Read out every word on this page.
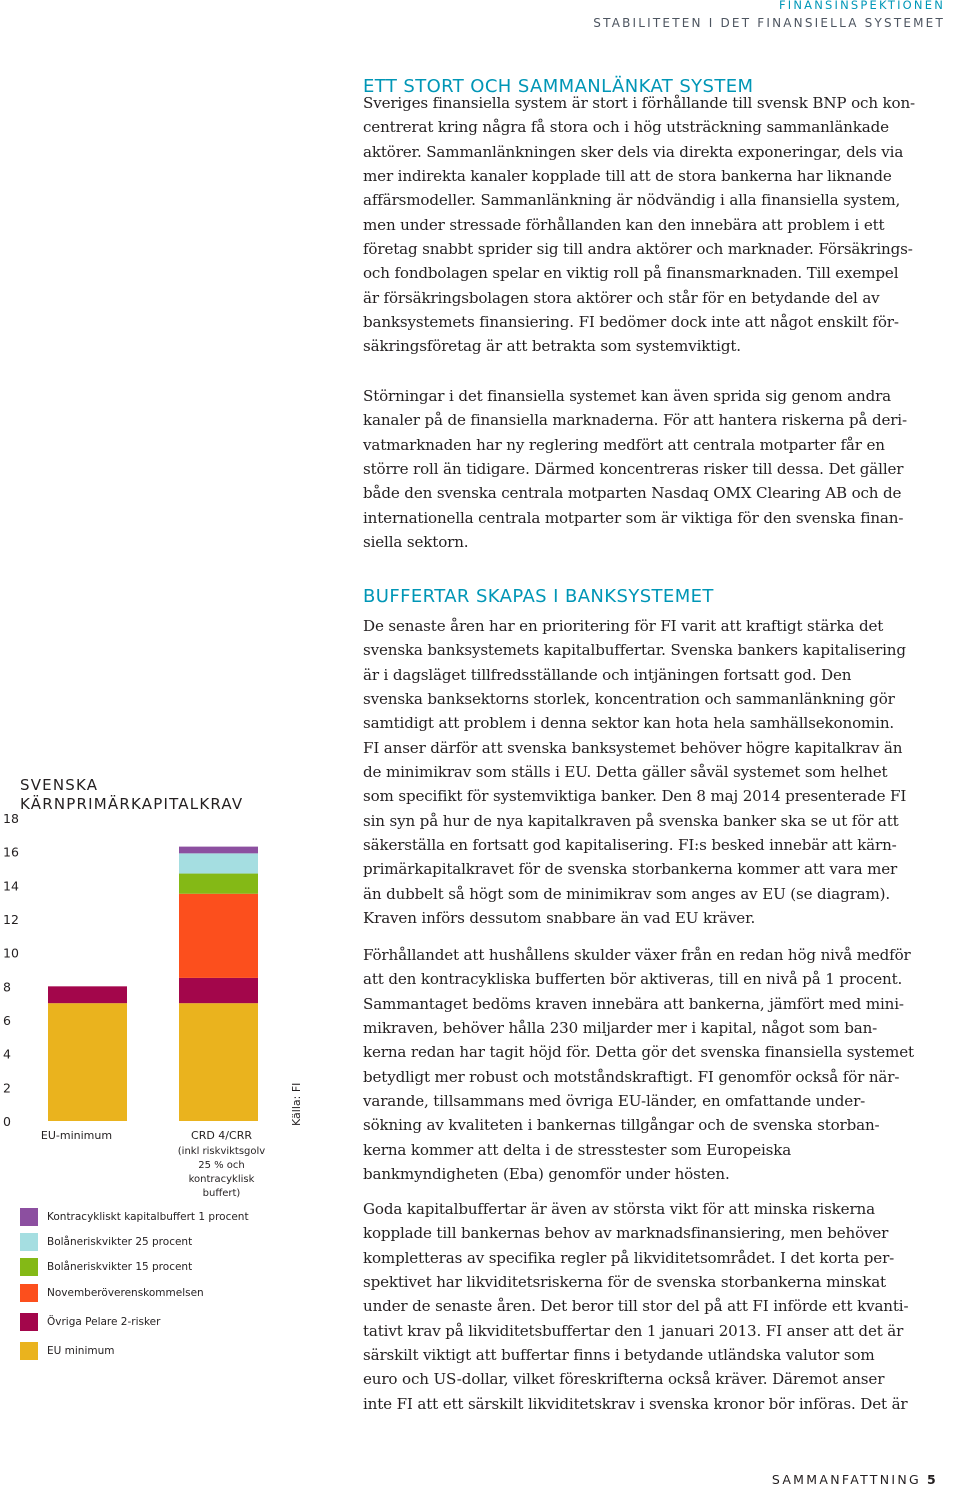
FINANSINSPEKTIONEN
STABILITETEN I DET FINANSIELLA SYSTEMET
ETT STORT OCH SAMMANLÄNKAT SYSTEM

Sveriges finansiella system är stort i förhållande till svensk BNP och kon-
centrerat kring några få stora och i hög utsträckning sammanlänkade
aktörer. Sammanlänkningen sker dels via direkta exponeringar, dels via
mer indirekta kanaler kopplade till att de stora bankerna har liknande
affärsmodeller. Sammanlänkning är nödvändig i alla finansiella system,
men under stressade förhållanden kan den innebära att problem i ett
företag snabbt sprider sig till andra aktörer och marknader. Försäkrings-
och fondbolagen spelar en viktig roll på finansmarknaden. Till exempel
är försäkringsbolagen stora aktörer och står för en betydande del av
banksystemets finansiering. FI bedömer dock inte att något enskilt för-
säkringsföretag är att betrakta som systemviktigt.

Störningar i det finansiella systemet kan även sprida sig genom andra
kanaler på de finansiella marknaderna. För att hantera riskerna på deri-
vatmarknaden har ny reglering medfört att centrala motparter får en
större roll än tidigare. Därmed koncentreras risker till dessa. Det gäller
både den svenska centrala motparten Nasdaq OMX Clearing AB och de
internationella centrala motparter som är viktiga för den svenska finan-
siella sektorn.

BUFFERTAR SKAPAS I BANKSYSTEMET

De senaste åren har en prioritering för FI varit att kraftigt stärka det
svenska banksystemets kapitalbuffertar. Svenska bankers kapitalisering
är i dagsläget tillfredsställande och intjäningen fortsatt god. Den
svenska banksektorns storlek, koncentration och sammanlänkning gör
samtidigt att problem i denna sektor kan hota hela samhällsekonomin.
FI anser därför att svenska banksystemet behöver högre kapitalkrav än
de minimikrav som ställs i EU. Detta gäller såväl systemet som helhet
som specifikt för systemviktiga banker. Den 8 maj 2014 presenterade FI
sin syn på hur de nya kapitalkraven på svenska banker ska se ut för att
säkerställa en fortsatt god kapitalisering. FI:s besked innebär att kärn-
primärkapitalkravet för de svenska storbankerna kommer att vara mer
än dubbelt så högt som de minimikrav som anges av EU (se diagram).
Kraven införs dessutom snabbare än vad EU kräver.

Förhållandet att hushållens skulder växer från en redan hög nivå medför
att den kontracykliska bufferten bör aktiveras, till en nivå på 1 procent.
Sammantaget bedöms kraven innebära att bankerna, jämfört med mini-
mikraven, behöver hålla 230 miljarder mer i kapital, något som ban-
kerna redan har tagit höjd för. Detta gör det svenska finansiella systemet
betydligt mer robust och motståndskraftigt. FI genomför också för när-
varande, tillsammans med övriga EU-länder, en omfattande under-
sökning av kvaliteten i bankernas tillgångar och de svenska storban-
kerna kommer att delta i de stresstester som Europeiska
bankmyndigheten (Eba) genomför under hösten.

Goda kapitalbuffertar är även av största vikt för att minska riskerna
kopplade till bankernas behov av marknadsfinansiering, men behöver
kompletteras av specifika regler på likviditetsområdet. I det korta per-
spektivet har likviditetsriskerna för de svenska storbankerna minskat
under de senaste åren. Det beror till stor del på att FI införde ett kvanti-
tativt krav på likviditetsbuffertar den 1 januari 2013. FI anser att det är
särskilt viktigt att buffertar finns i betydande utländska valutor som
euro och US-dollar, vilket föreskrifterna också kräver. Däremot anser
inte FI att ett särskilt likviditetskrav i svenska kronor bör införas. Det är

SVENSKA
KÄRNPRIMÄRKAPITALKRAV
0
2
4
6
8
10
12
14
16
18
EU-minimum	CRD 4/CRR
(inkl riskviktsgolv
25 % och
kontracyklisk
buffert)
Källa: FI
Kontracykliskt kapitalbuffert 1 procent
Bolåneriskvikter 25 procent
Bolåneriskvikter 15 procent
Novemberöverenskommelsen
Övriga Pelare 2-risker
EU minimum
SAMMANFATTNING 5
